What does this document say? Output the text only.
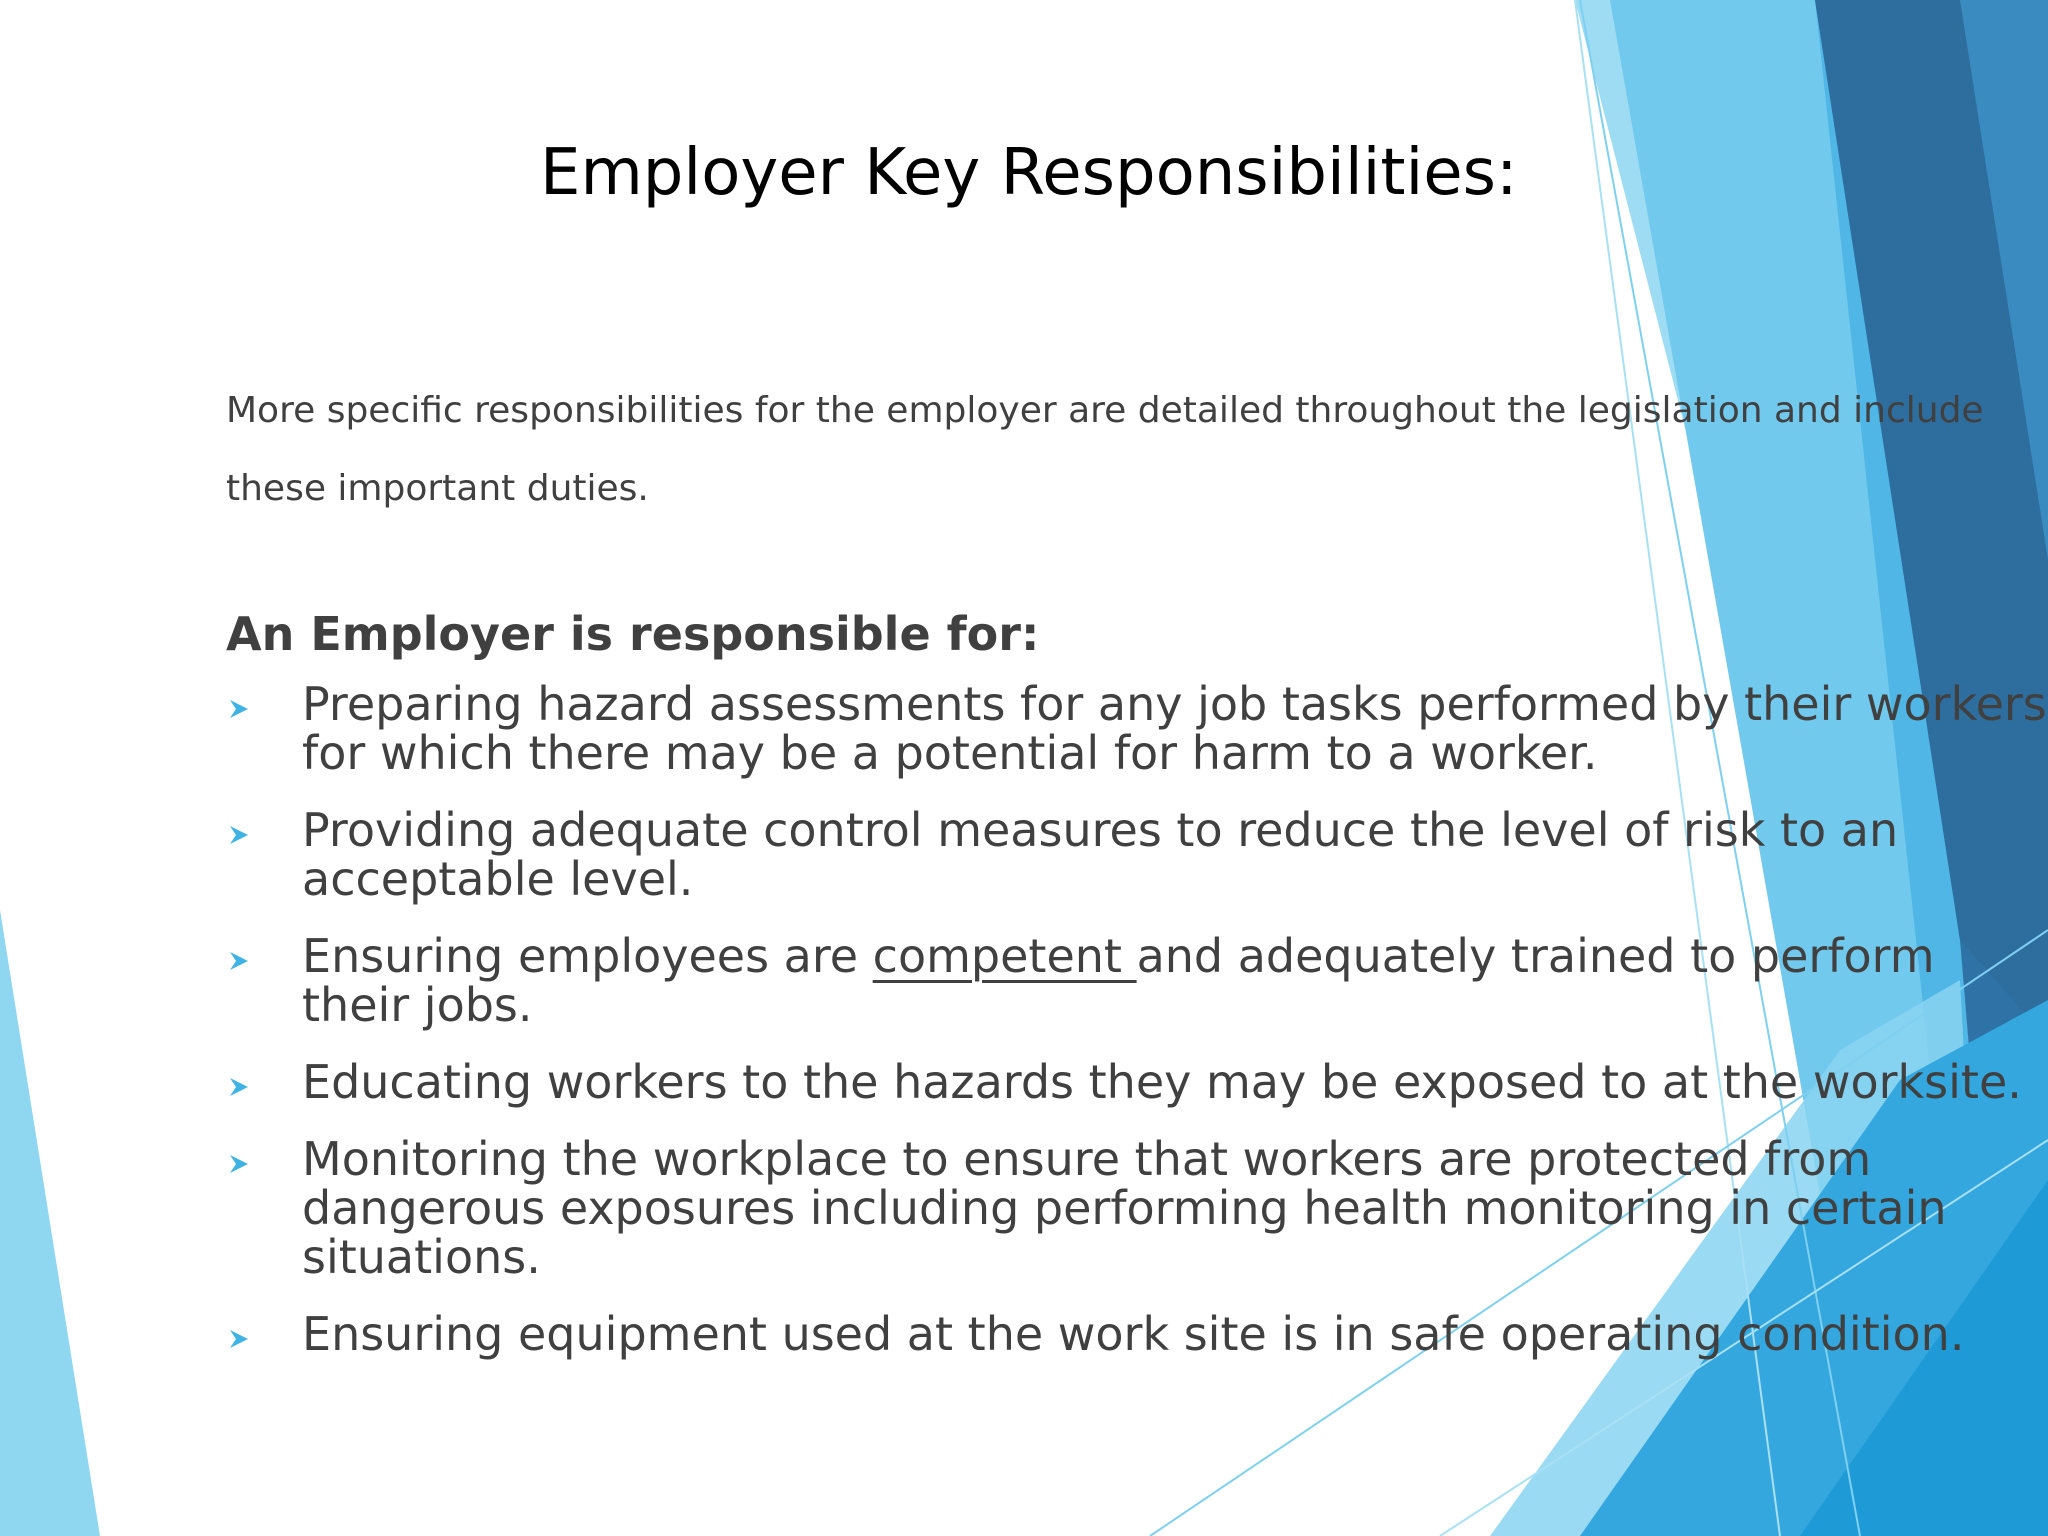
Employer Key Responsibilities:

More specific responsibilities for the employer are detailed throughout the legislation and include
these important duties.

An Employer is responsible for:

Preparing hazard assessments for any job tasks performed by their workers
for which there may be a potential for harm to a worker.
Providing adequate control measures to reduce the level of risk to an
acceptable level.
Ensuring employees are competent and adequately trained to perform
their jobs.
Educating workers to the hazards they may be exposed to at the worksite.
Monitoring the workplace to ensure that workers are protected from
dangerous exposures including performing health monitoring in certain
situations.
Ensuring equipment used at the work site is in safe operating condition.
